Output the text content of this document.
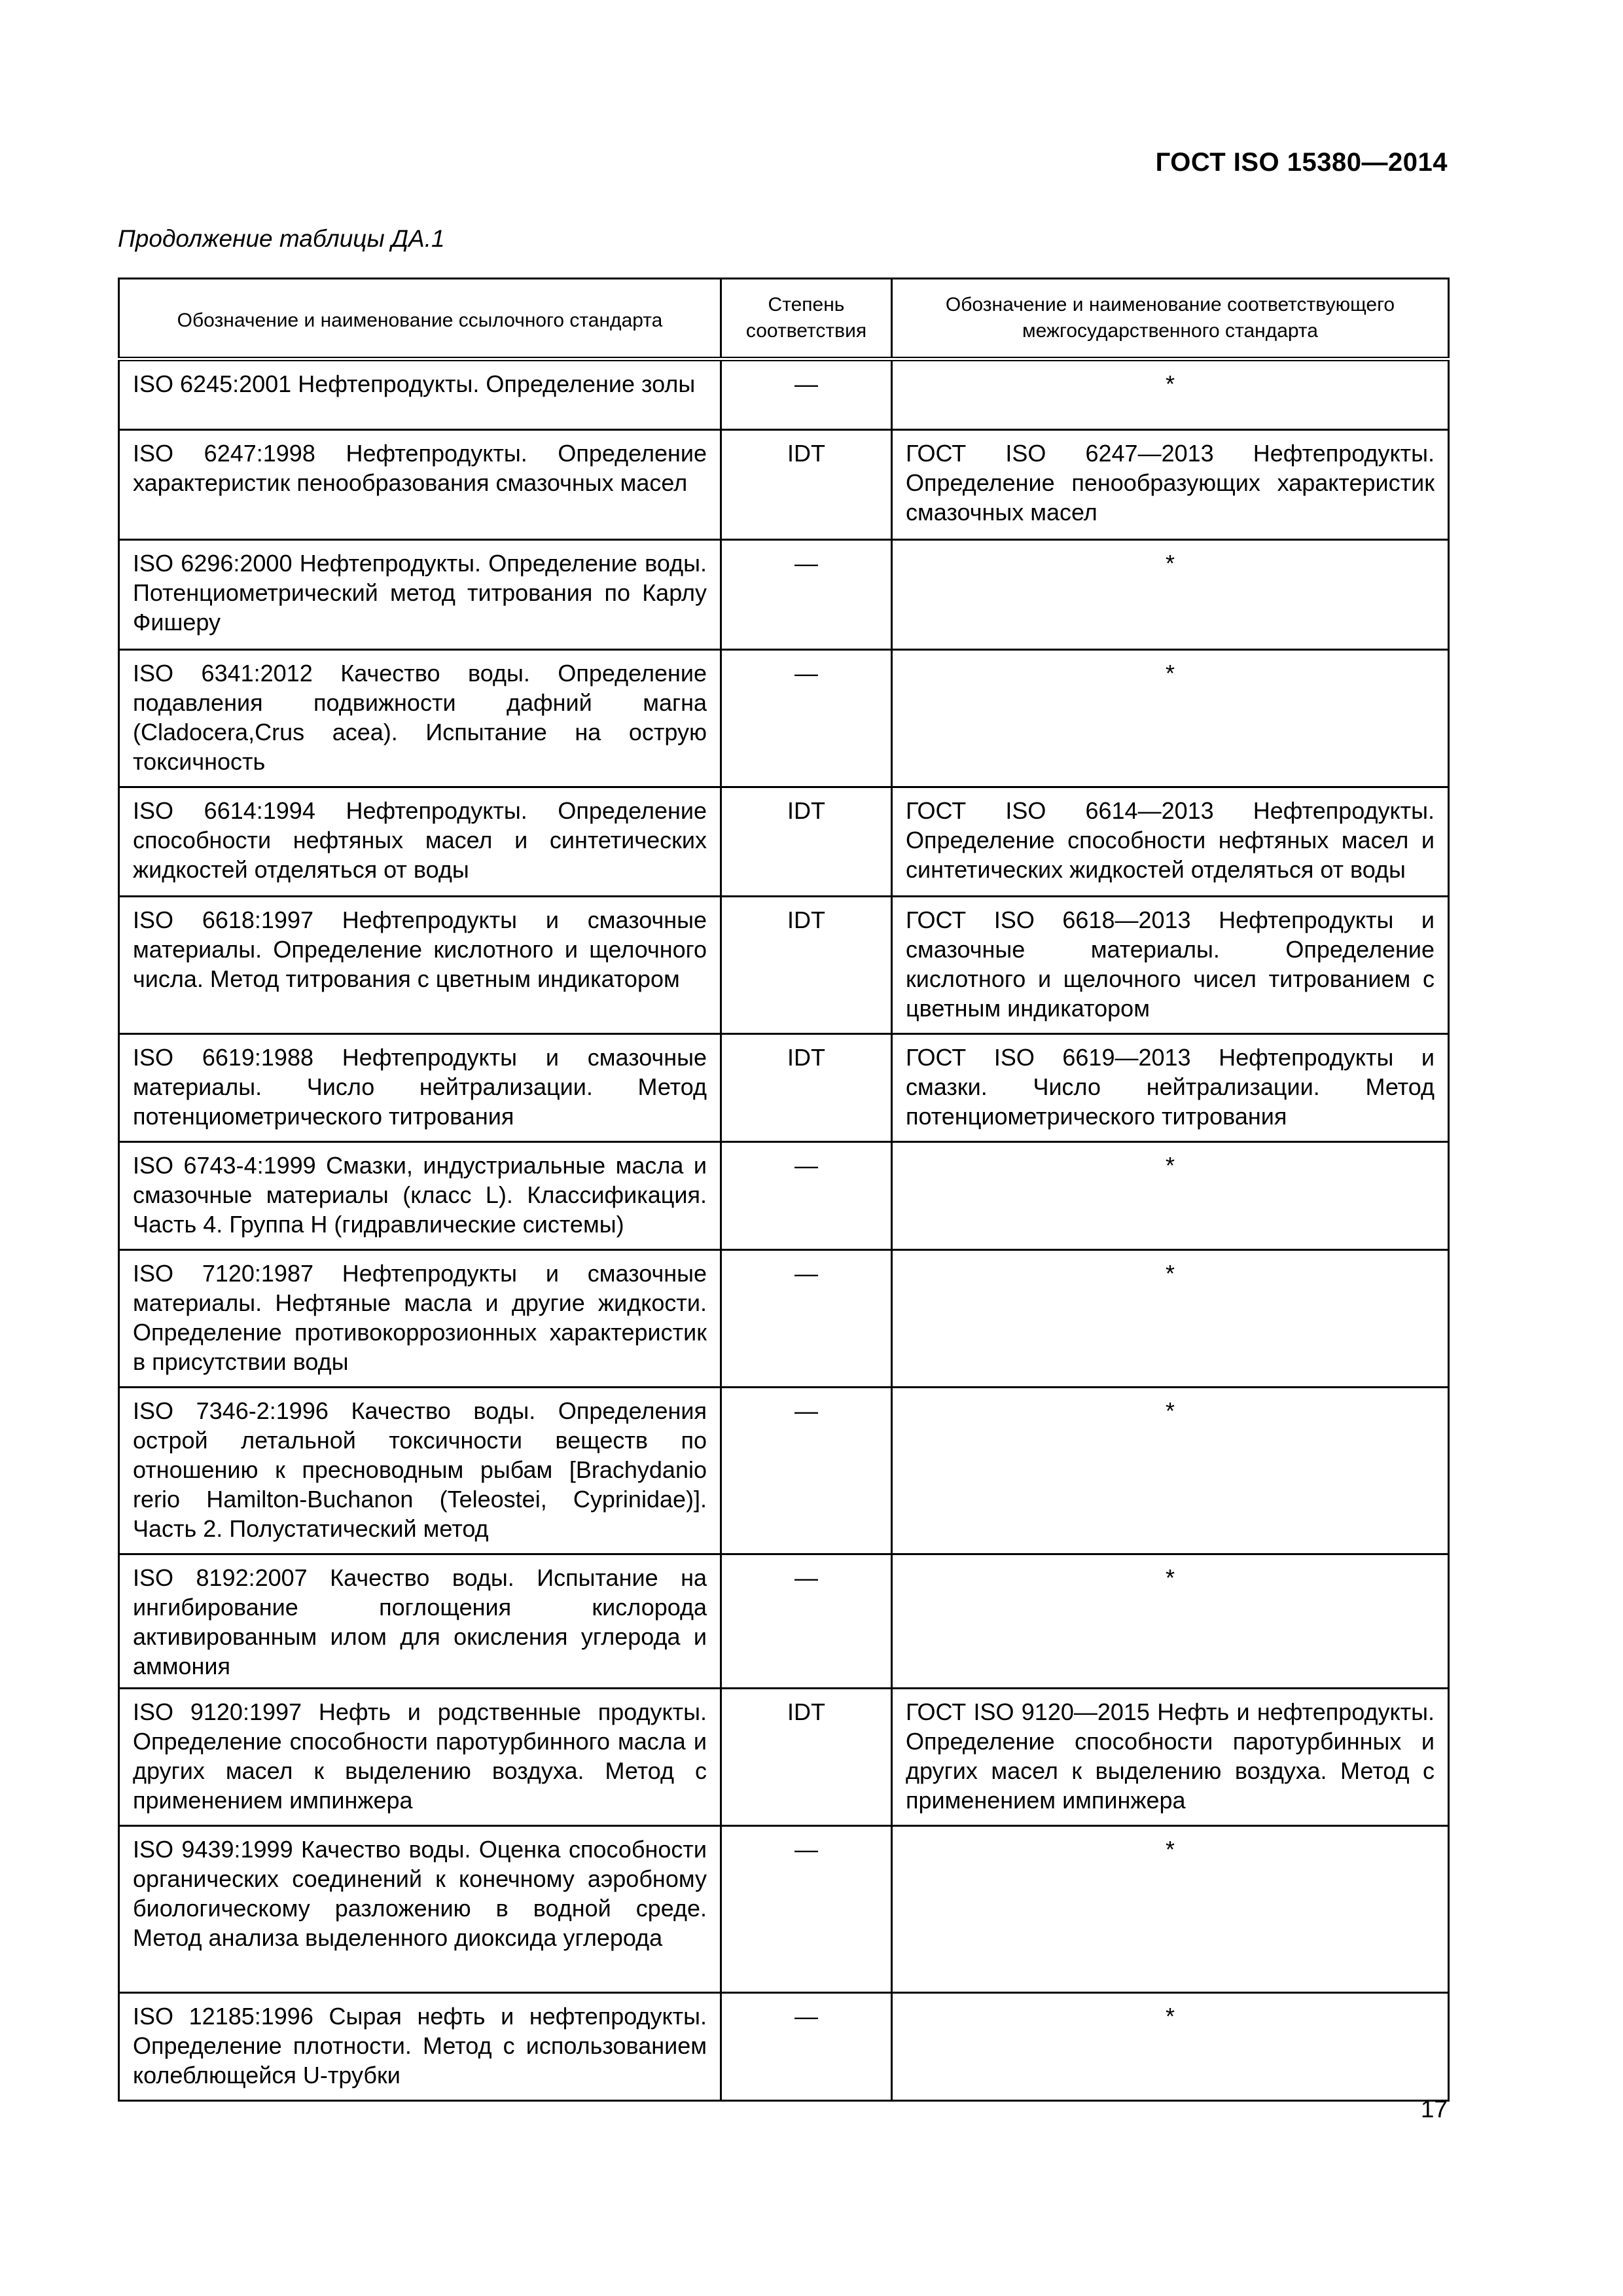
ГОСТ ISO 15380—2014
Продолжение таблицы ДА.1
Обозначение и наименование ссылочного стандарта	Степень соответствия	Обозначение и наименование соответствующего межгосударственного стандарта
ISO 6245:2001 Нефтепродукты. Определение золы	—	*
ISO 6247:1998 Нефтепродукты. Определение характеристик пенообразования смазочных масел	IDT	ГОСТ ISO 6247—2013 Нефтепродукты. Определение пенообразующих характеристик смазочных масел
ISO 6296:2000 Нефтепродукты. Определение воды. Потенциометрический метод титрования по Карлу Фишеру	—	*
ISO 6341:2012 Качество воды. Определение подавления подвижности дафний магна (Cladocera,Crus acea). Испытание на острую токсичность	—	*
ISO 6614:1994 Нефтепродукты. Определение способности нефтяных масел и синтетических жидкостей отделяться от воды	IDT	ГОСТ ISO 6614—2013 Нефтепродукты. Определение способности нефтяных масел и синтетических жидкостей отделяться от воды
ISO 6618:1997 Нефтепродукты и смазочные материалы. Определение кислотного и щелочного числа. Метод титрования с цветным индикатором	IDT	ГОСТ ISO 6618—2013 Нефтепродукты и смазочные материалы. Определение кислотного и щелочного чисел титрованием с цветным индикатором
ISO 6619:1988 Нефтепродукты и смазочные материалы. Число нейтрализации. Метод потенциометрического титрования	IDT	ГОСТ ISO 6619—2013 Нефтепродукты и смазки. Число нейтрализации. Метод потенциометрического титрования
ISO 6743-4:1999 Смазки, индустриальные масла и смазочные материалы (класс L). Классификация. Часть 4. Группа Н (гидравлические системы)	—	*
ISO 7120:1987 Нефтепродукты и смазочные материалы. Нефтяные масла и другие жидкости. Определение противокоррозионных характеристик в присутствии воды	—	*
ISO 7346-2:1996 Качество воды. Определения острой летальной токсичности веществ по отношению к пресноводным рыбам [Brachydanio rerio Hamilton-Buchanon (Teleostei, Cyprinidae)]. Часть 2. Полустатический метод	—	*
ISO 8192:2007 Качество воды. Испытание на ингибирование поглощения кислорода активированным илом для окисления углерода и аммония	—	*
ISO 9120:1997 Нефть и родственные продукты. Определение способности паротурбинного масла и других масел к выделению воздуха. Метод с применением импинжера	IDT	ГОСТ ISO 9120—2015 Нефть и нефтепродукты. Определение способности паротурбинных и других масел к выделению воздуха. Метод с применением импинжера
ISO 9439:1999 Качество воды. Оценка способности органических соединений к конечному аэробному биологическому разложению в водной среде. Метод анализа выделенного диоксида углерода	—	*
ISO 12185:1996 Сырая нефть и нефтепродукты. Определение плотности. Метод с использованием колеблющейся U-трубки	—	*
17
